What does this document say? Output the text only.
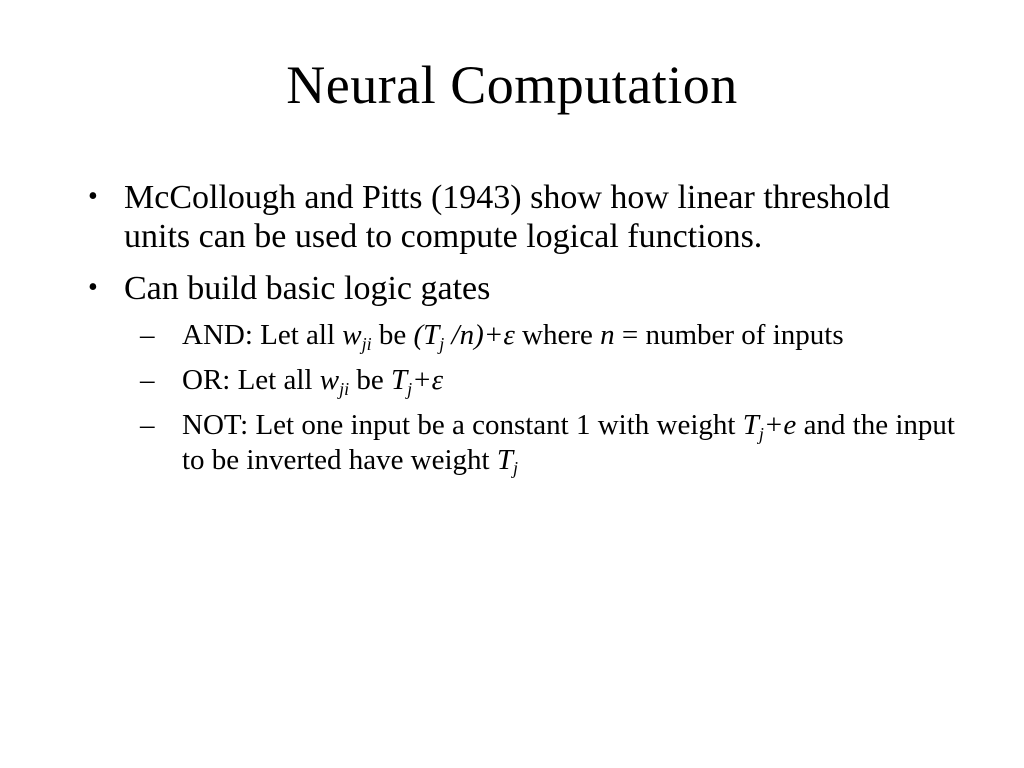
Neural Computation
• McCollough and Pitts (1943) show how linear threshold units can be used to compute logical functions.
• Can build basic logic gates
– AND: Let all $w_{ji}$ be ($T_j$ /n)+ε where n = number of inputs
– OR: Let all $w_{ji}$ be $T_j+\varepsilon$
– NOT: Let one input be a constant 1 with weight $T_j+e$ and the input to be inverted have weight $T_j$
